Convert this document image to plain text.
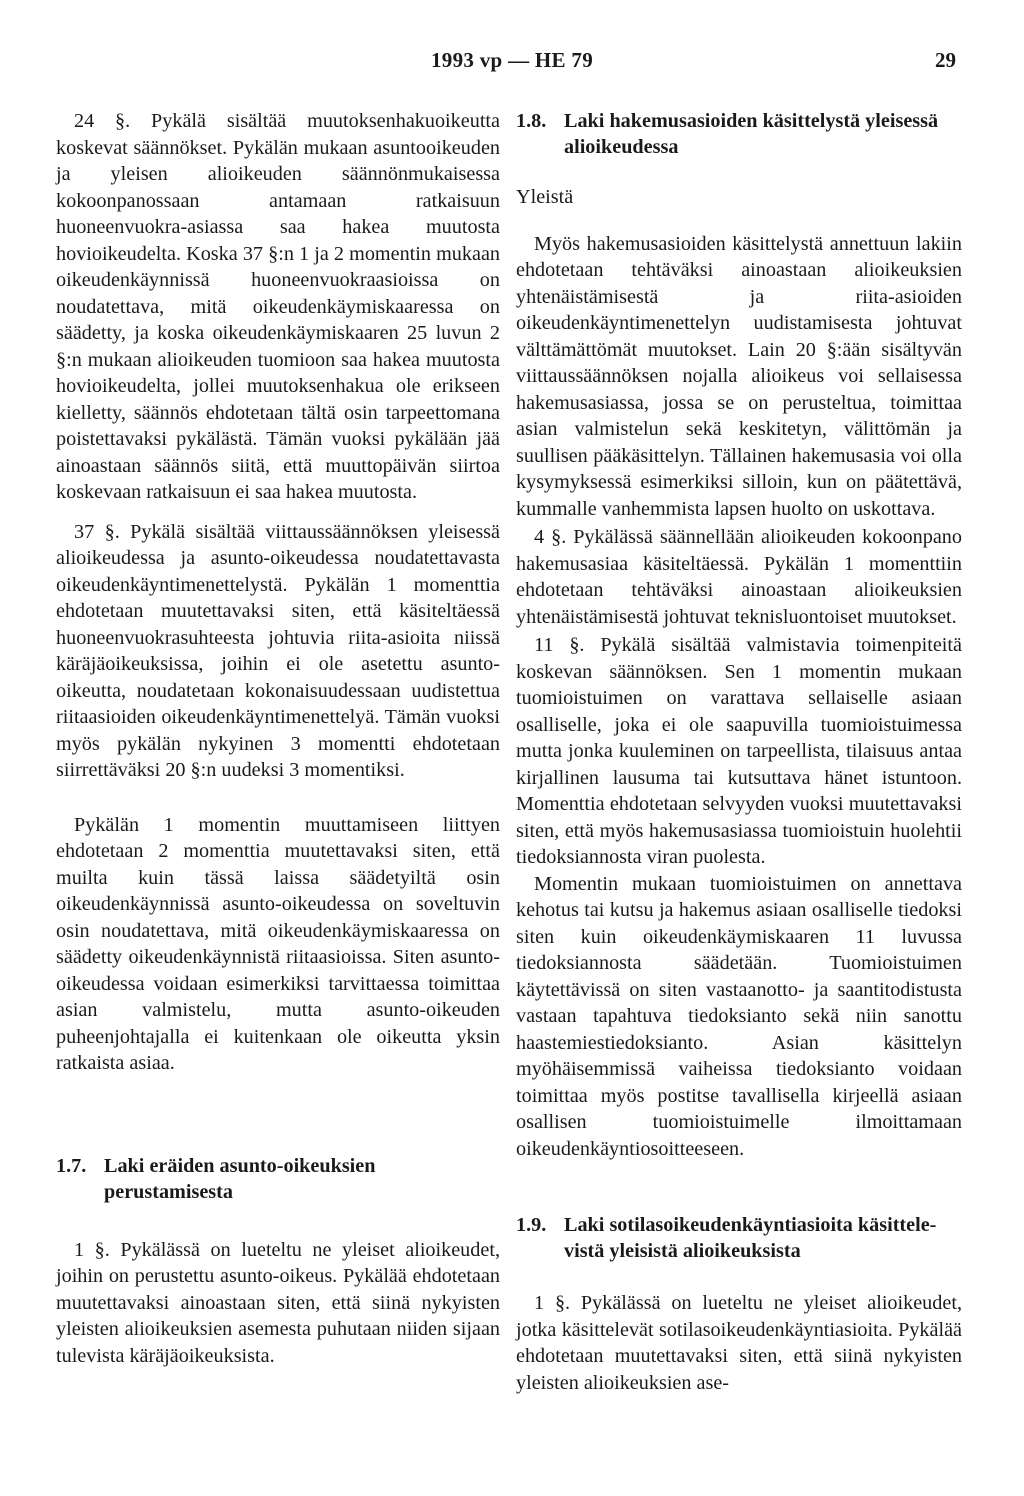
1993 vp — HE 79	29

24 §. Pykälä sisältää muutoksenhakuoikeutta koskevat säännökset. Pykälän mukaan asuntooikeuden ja yleisen alioikeuden säännönmukaisessa kokoonpanossaan antamaan ratkaisuun huoneenvuokra-asiassa saa hakea muutosta hovioikeudelta. Koska 37 §:n 1 ja 2 momentin mukaan oikeudenkäynnissä huoneenvuokraasioissa on noudatettava, mitä oikeudenkäymiskaaressa on säädetty, ja koska oikeudenkäymiskaaren 25 luvun 2 §:n mukaan alioikeuden tuomioon saa hakea muutosta hovioikeudelta, jollei muutoksenhakua ole erikseen kielletty, säännös ehdotetaan tältä osin tarpeettomana poistettavaksi pykälästä. Tämän vuoksi pykälään jää ainoastaan säännös siitä, että muuttopäivän siirtoa koskevaan ratkaisuun ei saa hakea muutosta.

37 §. Pykälä sisältää viittaussäännöksen yleisessä alioikeudessa ja asunto-oikeudessa noudatettavasta oikeudenkäyntimenettelystä. Pykälän 1 momenttia ehdotetaan muutettavaksi siten, että käsiteltäessä huoneenvuokrasuhteesta johtuvia riita-asioita niissä käräjäoikeuksissa, joihin ei ole asetettu asunto-oikeutta, noudatetaan kokonaisuudessaan uudistettua riitaasioiden oikeudenkäyntimenettelyä. Tämän vuoksi myös pykälän nykyinen 3 momentti ehdotetaan siirrettäväksi 20 §:n uudeksi 3 momentiksi.

Pykälän 1 momentin muuttamiseen liittyen ehdotetaan 2 momenttia muutettavaksi siten, että muilta kuin tässä laissa säädetyiltä osin oikeudenkäynnissä asunto-oikeudessa on soveltuvin osin noudatettava, mitä oikeudenkäymiskaaressa on säädetty oikeudenkäynnistä riitaasioissa. Siten asunto-oikeudessa voidaan esimerkiksi tarvittaessa toimittaa asian valmistelu, mutta asunto-oikeuden puheenjohtajalla ei kuitenkaan ole oikeutta yksin ratkaista asiaa.

1.7. Laki eräiden asunto-oikeuksien perustamisesta

1 §. Pykälässä on lueteltu ne yleiset alioikeudet, joihin on perustettu asunto-oikeus. Pykälää ehdotetaan muutettavaksi ainoastaan siten, että siinä nykyisten yleisten alioikeuksien asemesta puhutaan niiden sijaan tulevista käräjäoikeuksista.

1.8. Laki hakemusasioiden käsittelystä yleisessä alioikeudessa

Yleistä

Myös hakemusasioiden käsittelystä annettuun lakiin ehdotetaan tehtäväksi ainoastaan alioikeuksien yhtenäistämisestä ja riita-asioiden oikeudenkäyntimenettelyn uudistamisesta johtuvat välttämättömät muutokset. Lain 20 §:ään sisältyvän viittaussäännöksen nojalla alioikeus voi sellaisessa hakemusasiassa, jossa se on perusteltua, toimittaa asian valmistelun sekä keskitetyn, välittömän ja suullisen pääkäsittelyn. Tällainen hakemusasia voi olla kysymyksessä esimerkiksi silloin, kun on päätettävä, kummalle vanhemmista lapsen huolto on uskottava.

4 §. Pykälässä säännellään alioikeuden kokoonpano hakemusasiaa käsiteltäessä. Pykälän 1 momenttiin ehdotetaan tehtäväksi ainoastaan alioikeuksien yhtenäistämisestä johtuvat teknisluontoiset muutokset.

11 §. Pykälä sisältää valmistavia toimenpiteitä koskevan säännöksen. Sen 1 momentin mukaan tuomioistuimen on varattava sellaiselle asiaan osalliselle, joka ei ole saapuvilla tuomioistuimessa mutta jonka kuuleminen on tarpeellista, tilaisuus antaa kirjallinen lausuma tai kutsuttava hänet istuntoon. Momenttia ehdotetaan selvyyden vuoksi muutettavaksi siten, että myös hakemusasiassa tuomioistuin huolehtii tiedoksiannosta viran puolesta.

Momentin mukaan tuomioistuimen on annettava kehotus tai kutsu ja hakemus asiaan osalliselle tiedoksi siten kuin oikeudenkäymiskaaren 11 luvussa tiedoksiannosta säädetään. Tuomioistuimen käytettävissä on siten vastaanotto- ja saantitodistusta vastaan tapahtuva tiedoksianto sekä niin sanottu haastemiestiedoksianto. Asian käsittelyn myöhäisemmissä vaiheissa tiedoksianto voidaan toimittaa myös postitse tavallisella kirjeellä asiaan osallisen tuomioistuimelle ilmoittamaan oikeudenkäyntiosoitteeseen.

1.9. Laki sotilasoikeudenkäyntiasioita käsittelevistä yleisistä alioikeuksista

1 §. Pykälässä on lueteltu ne yleiset alioikeudet, jotka käsittelevät sotilasoikeudenkäyntiasioita. Pykälää ehdotetaan muutettavaksi siten, että siinä nykyisten yleisten alioikeuksien ase-
